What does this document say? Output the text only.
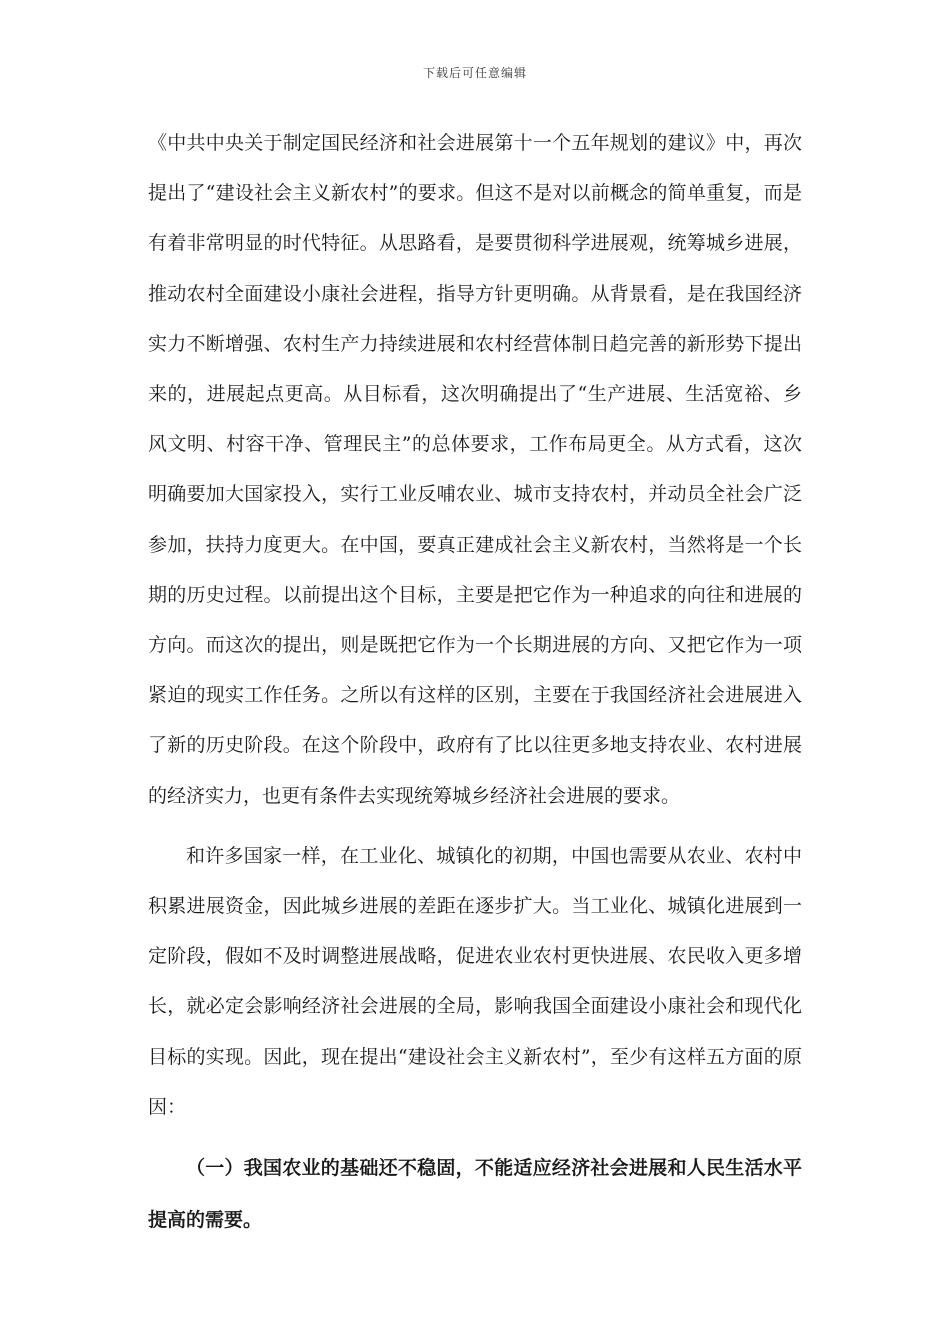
下载后可任意编辑

《中共中央关于制定国民经济和社会进展第十一个五年规划的建议》中，再次提出了“建设社会主义新农村”的要求。但这不是对以前概念的简单重复，而是有着非常明显的时代特征。从思路看，是要贯彻科学进展观，统筹城乡进展，推动农村全面建设小康社会进程，指导方针更明确。从背景看，是在我国经济实力不断增强、农村生产力持续进展和农村经营体制日趋完善的新形势下提出来的，进展起点更高。从目标看，这次明确提出了“生产进展、生活宽裕、乡风文明、村容干净、管理民主”的总体要求，工作布局更全。从方式看，这次明确要加大国家投入，实行工业反哺农业、城市支持农村，并动员全社会广泛参加，扶持力度更大。在中国，要真正建成社会主义新农村，当然将是一个长期的历史过程。以前提出这个目标，主要是把它作为一种追求的向往和进展的方向。而这次的提出，则是既把它作为一个长期进展的方向、又把它作为一项紧迫的现实工作任务。之所以有这样的区别，主要在于我国经济社会进展进入了新的历史阶段。在这个阶段中，政府有了比以往更多地支持农业、农村进展的经济实力，也更有条件去实现统筹城乡经济社会进展的要求。

和许多国家一样，在工业化、城镇化的初期，中国也需要从农业、农村中积累进展资金，因此城乡进展的差距在逐步扩大。当工业化、城镇化进展到一定阶段，假如不及时调整进展战略，促进农业农村更快进展、农民收入更多增长，就必定会影响经济社会进展的全局，影响我国全面建设小康社会和现代化目标的实现。因此，现在提出“建设社会主义新农村”，至少有这样五方面的原因：

（一）我国农业的基础还不稳固，不能适应经济社会进展和人民生活水平提高的需要。
